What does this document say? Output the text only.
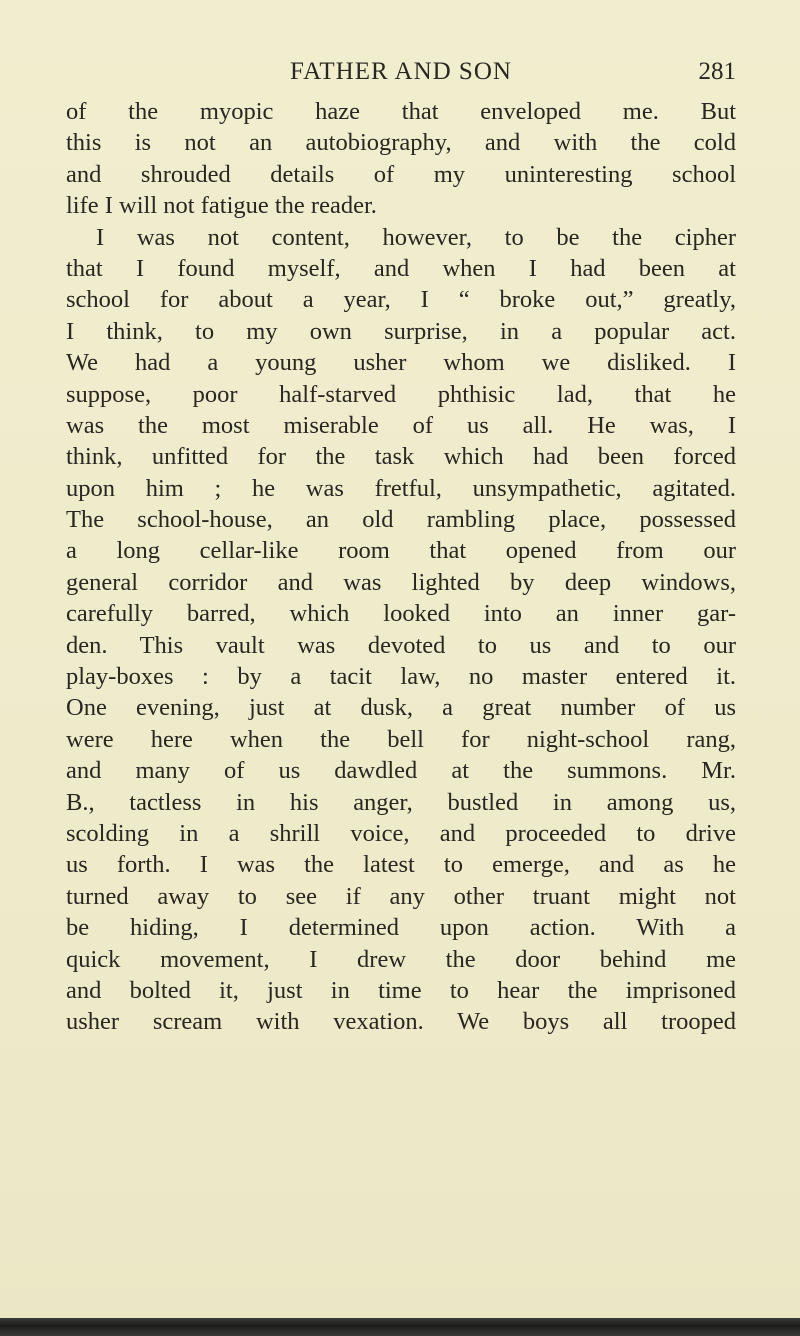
FATHER AND SON	281
of the myopic haze that enveloped me. But
this is not an autobiography, and with the cold
and shrouded details of my uninteresting school
life I will not fatigue the reader.
I was not content, however, to be the cipher
that I found myself, and when I had been at
school for about a year, I “ broke out,” greatly,
I think, to my own surprise, in a popular act.
We had a young usher whom we disliked. I
suppose, poor half-starved phthisic lad, that he
was the most miserable of us all. He was, I
think, unfitted for the task which had been forced
upon him ; he was fretful, unsympathetic, agitated.
The school-house, an old rambling place, possessed
a long cellar-like room that opened from our
general corridor and was lighted by deep windows,
carefully barred, which looked into an inner gar-
den. This vault was devoted to us and to our
play-boxes : by a tacit law, no master entered it.
One evening, just at dusk, a great number of us
were here when the bell for night-school rang,
and many of us dawdled at the summons. Mr.
B., tactless in his anger, bustled in among us,
scolding in a shrill voice, and proceeded to drive
us forth. I was the latest to emerge, and as he
turned away to see if any other truant might not
be hiding, I determined upon action. With a
quick movement, I drew the door behind me
and bolted it, just in time to hear the imprisoned
usher scream with vexation. We boys all trooped
